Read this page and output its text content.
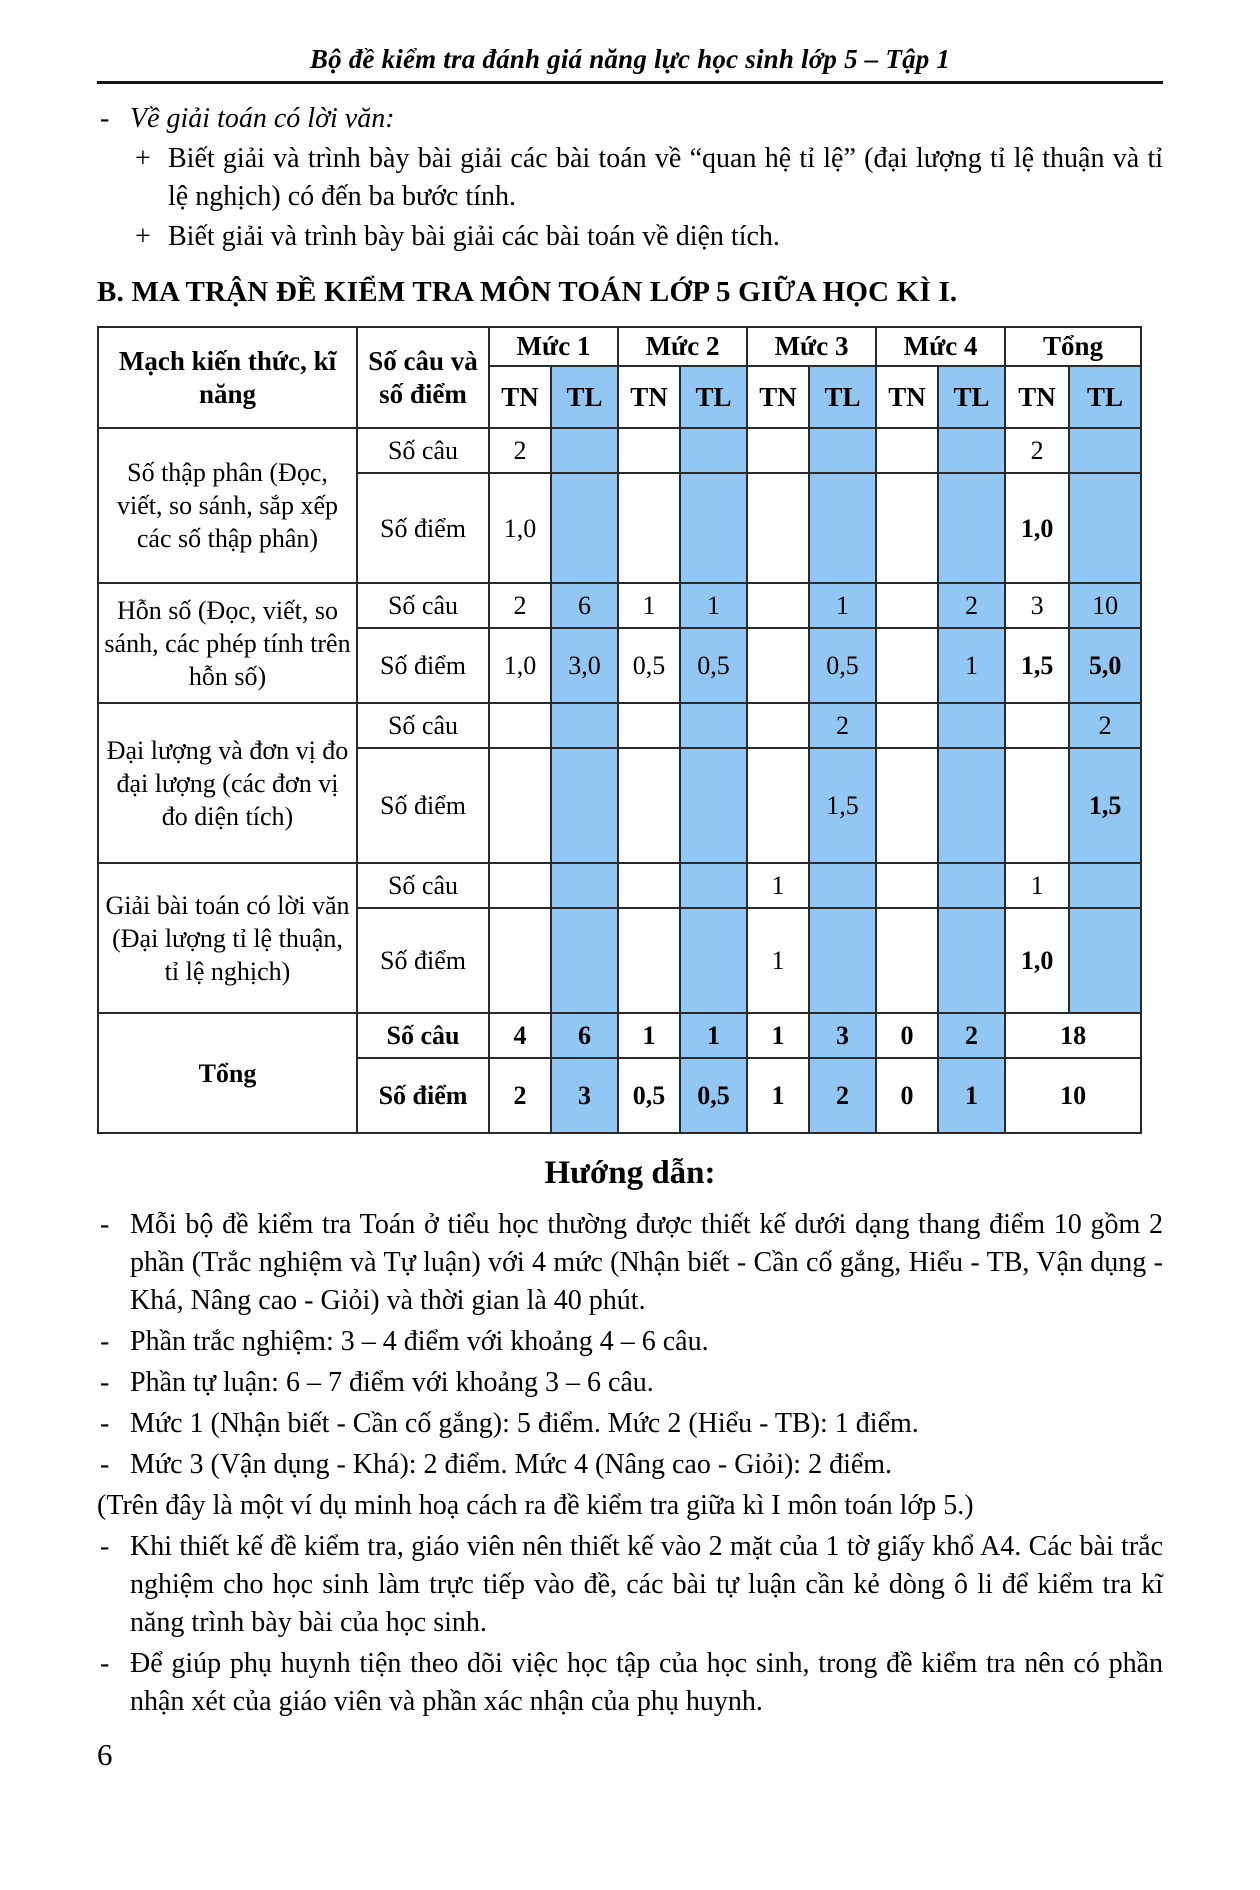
Bộ đề kiểm tra đánh giá năng lực học sinh lớp 5 – Tập 1
- Về giải toán có lời văn:
+ Biết giải và trình bày bài giải các bài toán về “quan hệ tỉ lệ” (đại lượng tỉ lệ thuận và tỉ lệ nghịch) có đến ba bước tính.
+ Biết giải và trình bày bài giải các bài toán về diện tích.
B. MA TRẬN ĐỀ KIỂM TRA MÔN TOÁN LỚP 5 GIỮA HỌC KÌ I.
Mạch kiến thức, kĩ năng	Số câu và số điểm	Mức 1		Mức 2		Mức 3		Mức 4		Tổng	
		TN	TL	TN	TL	TN	TL	TN	TL	TN	TL
Số thập phân (Đọc, viết, so sánh, sắp xếp các số thập phân)	Số câu	2								2	
	Số điểm	1,0								1,0	
Hỗn số (Đọc, viết, so sánh, các phép tính trên hỗn số)	Số câu	2	6	1	1		1		2	3	10
	Số điểm	1,0	3,0	0,5	0,5		0,5		1	1,5	5,0
Đại lượng và đơn vị đo đại lượng (các đơn vị đo diện tích)	Số câu						2				2
	Số điểm						1,5				1,5
Giải bài toán có lời văn (Đại lượng tỉ lệ thuận, tỉ lệ nghịch)	Số câu					1				1	
	Số điểm					1				1,0	
Tổng	Số câu	4	6	1	1	1	3	0	2	18	
	Số điểm	2	3	0,5	0,5	1	2	0	1	10	
Hướng dẫn:
- Mỗi bộ đề kiểm tra Toán ở tiểu học thường được thiết kế dưới dạng thang điểm 10 gồm 2 phần (Trắc nghiệm và Tự luận) với 4 mức (Nhận biết - Cần cố gắng, Hiểu - TB, Vận dụng - Khá, Nâng cao - Giỏi) và thời gian là 40 phút.
- Phần trắc nghiệm: 3 – 4 điểm với khoảng 4 – 6 câu.
- Phần tự luận: 6 – 7 điểm với khoảng 3 – 6 câu.
- Mức 1 (Nhận biết - Cần cố gắng): 5 điểm. Mức 2 (Hiểu - TB): 1 điểm.
- Mức 3 (Vận dụng - Khá): 2 điểm. Mức 4 (Nâng cao - Giỏi): 2 điểm.
(Trên đây là một ví dụ minh hoạ cách ra đề kiểm tra giữa kì I môn toán lớp 5.)
- Khi thiết kế đề kiểm tra, giáo viên nên thiết kế vào 2 mặt của 1 tờ giấy khổ A4. Các bài trắc nghiệm cho học sinh làm trực tiếp vào đề, các bài tự luận cần kẻ dòng ô li để kiểm tra kĩ năng trình bày bài của học sinh.
- Để giúp phụ huynh tiện theo dõi việc học tập của học sinh, trong đề kiểm tra nên có phần nhận xét của giáo viên và phần xác nhận của phụ huynh.
6
